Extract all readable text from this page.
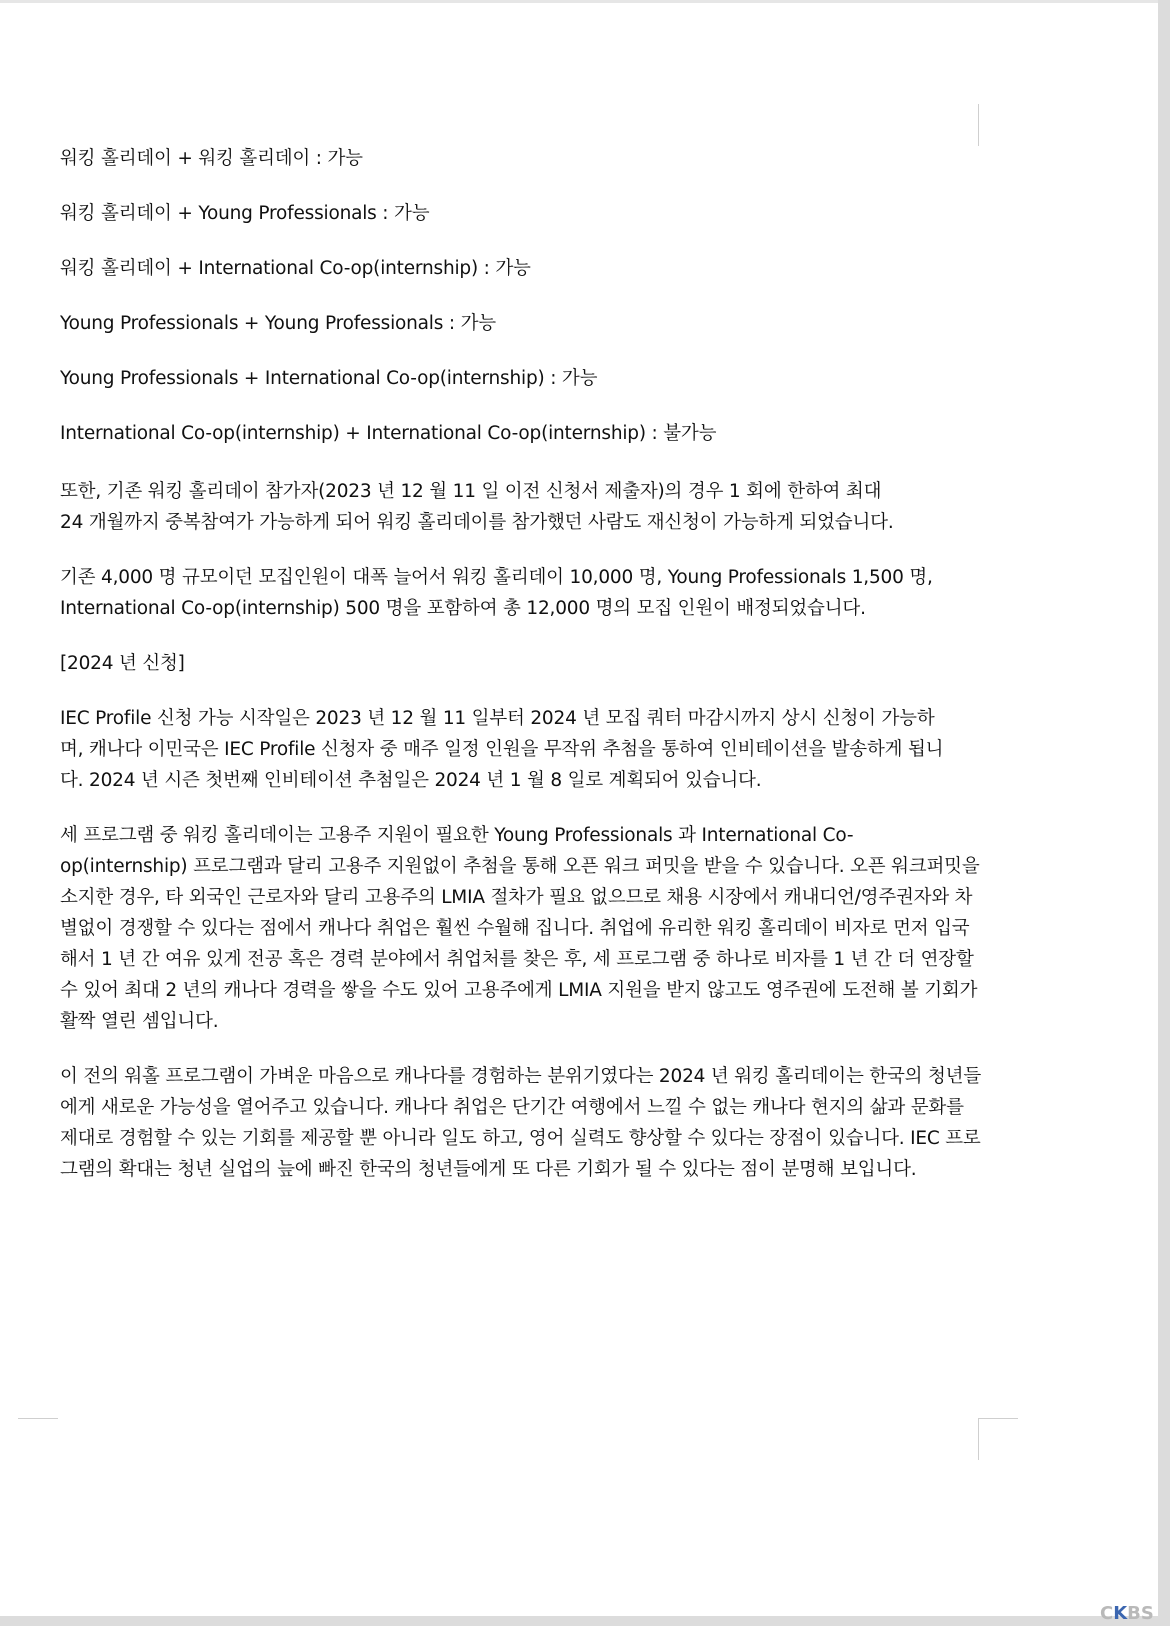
워킹 홀리데이 + 워킹 홀리데이 : 가능

워킹 홀리데이 + Young Professionals : 가능

워킹 홀리데이 + International Co-op(internship) : 가능

Young Professionals + Young Professionals : 가능

Young Professionals + International Co-op(internship) : 가능

International Co-op(internship) + International Co-op(internship) : 불가능

또한, 기존 워킹 홀리데이 참가자(2023 년 12 월 11 일 이전 신청서 제출자)의 경우 1 회에 한하여 최대 24 개월까지 중복참여가 가능하게 되어 워킹 홀리데이를 참가했던 사람도 재신청이 가능하게 되었습니다.

기존 4,000 명 규모이던 모집인원이 대폭 늘어서 워킹 홀리데이 10,000 명, Young Professionals 1,500 명, International Co-op(internship) 500 명을 포함하여 총 12,000 명의 모집 인원이 배정되었습니다.

[2024 년 신청]

IEC Profile 신청 가능 시작일은 2023 년 12 월 11 일부터 2024 년 모집 쿼터 마감시까지 상시 신청이 가능하며, 캐나다 이민국은 IEC Profile 신청자 중 매주 일정 인원을 무작위 추첨을 통하여 인비테이션을 발송하게 됩니다. 2024 년 시즌 첫번째 인비테이션 추첨일은 2024 년 1 월 8 일로 계획되어 있습니다.

세 프로그램 중 워킹 홀리데이는 고용주 지원이 필요한 Young Professionals 과 International Co-op(internship) 프로그램과 달리 고용주 지원없이 추첨을 통해 오픈 워크 퍼밋을 받을 수 있습니다. 오픈 워크퍼밋을 소지한 경우, 타 외국인 근로자와 달리 고용주의 LMIA 절차가 필요 없으므로 채용 시장에서 캐내디언/영주권자와 차별없이 경쟁할 수 있다는 점에서 캐나다 취업은 훨씬 수월해 집니다. 취업에 유리한 워킹 홀리데이 비자로 먼저 입국해서 1 년 간 여유 있게 전공 혹은 경력 분야에서 취업처를 찾은 후, 세 프로그램 중 하나로 비자를 1 년 간 더 연장할 수 있어 최대 2 년의 캐나다 경력을 쌓을 수도 있어 고용주에게 LMIA 지원을 받지 않고도 영주권에 도전해 볼 기회가 활짝 열린 셈입니다.

이 전의 워홀 프로그램이 가벼운 마음으로 캐나다를 경험하는 분위기였다는 2024 년 워킹 홀리데이는 한국의 청년들에게 새로운 가능성을 열어주고 있습니다. 캐나다 취업은 단기간 여행에서 느낄 수 없는 캐나다 현지의 삶과 문화를 제대로 경험할 수 있는 기회를 제공할 뿐 아니라 일도 하고, 영어 실력도 향상할 수 있다는 장점이 있습니다. IEC 프로그램의 확대는 청년 실업의 늪에 빠진 한국의 청년들에게 또 다른 기회가 될 수 있다는 점이 분명해 보입니다.

CKBS
